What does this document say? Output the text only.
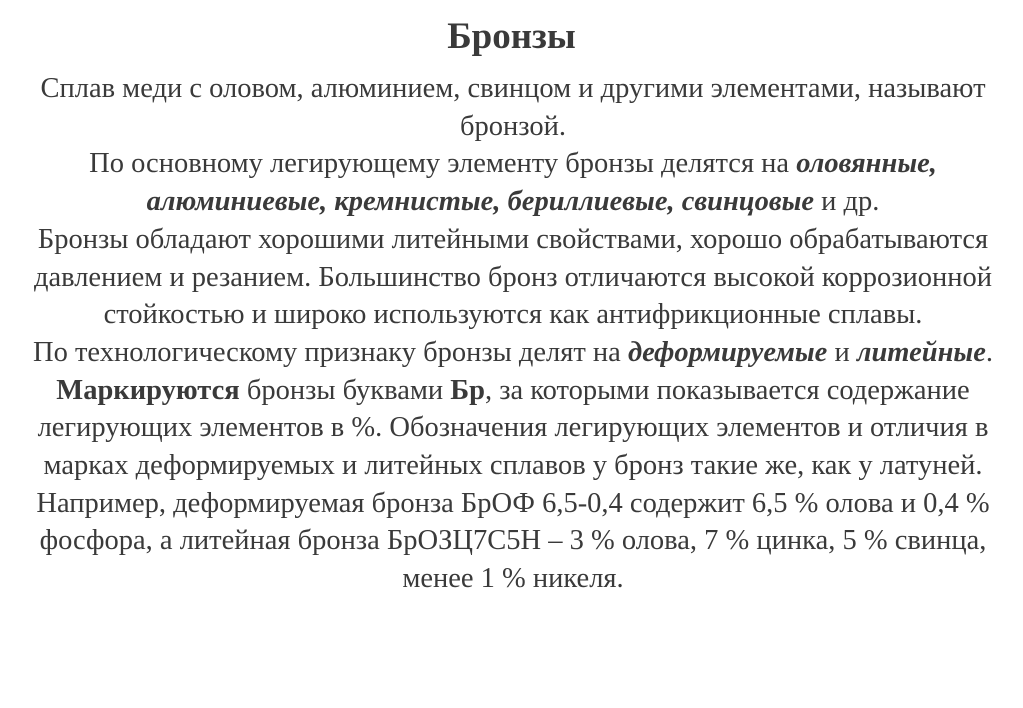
Бронзы

Сплав меди с оловом, алюминием, свинцом и другими элементами, называют бронзой.

По основному легирующему элементу бронзы делятся на оловянные, алюминиевые, кремнистые, бериллиевые, свинцовые и др.

Бронзы обладают хорошими литейными свойствами, хорошо обрабатываются давлением и резанием. Большинство бронз отличаются высокой коррозионной стойкостью и широко используются как антифрикционные сплавы.

По технологическому признаку бронзы делят на деформируемые и литейные.

Маркируются бронзы буквами Бр, за которыми показывается содержание легирующих элементов в %. Обозначения легирующих элементов и отличия в марках деформируемых и литейных сплавов у бронз такие же, как у латуней. Например, деформируемая бронза БрОФ 6,5-0,4 содержит 6,5 % олова и 0,4 % фосфора, а литейная бронза БрОЗЦ7С5Н – 3 % олова, 7 % цинка, 5 % свинца, менее 1 % никеля.
